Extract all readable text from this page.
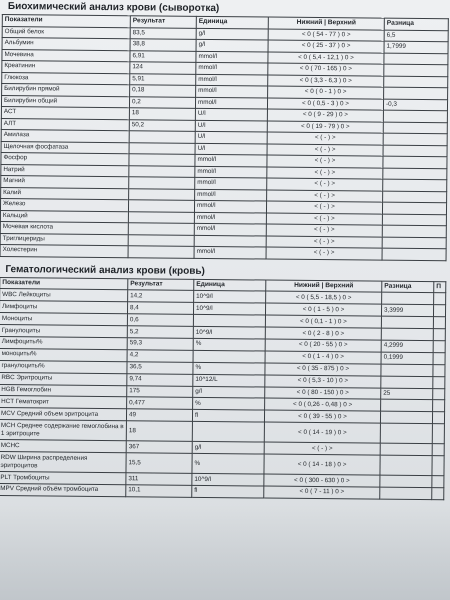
Биохимический анализ крови (сыворотка)
Показатели	Результат	Единица	Нижний | Верхний	Разница
Общий белок	83,5	g/l	< 0 ( 54 - 77 ) 0 >	6,5
Альбумин	38,8	g/l	< 0 ( 25 - 37 ) 0 >	1,7999
Мочевина	6,91	mmol/l	< 0 ( 5,4 - 12,1 ) 0 >	
Креатинин	124	mmol/l	< 0 ( 70 - 165 ) 0 >	
Глюкоза	5,91	mmol/l	< 0 ( 3,3 - 6,3 ) 0 >	
Билирубин прямой	0,18	mmol/l	< 0 ( 0 - 1 ) 0 >	
Билирубин общий	0,2	mmol/l	< 0 ( 0,5 - 3 ) 0 >	-0,3
АСТ	18	U/l	< 0 ( 9 - 29 ) 0 >	
АЛТ	50,2	U/l	< 0 ( 19 - 79 ) 0 >	
Амилаза		U/l	< ( - ) >	
Щелочная фосфатаза		U/l	< ( - ) >	
Фосфор		mmol/l	< ( - ) >	
Натрий		mmol/l	< ( - ) >	
Магний		mmol/l	< ( - ) >	
Калий		mmol/l	< ( - ) >	
Железо		mmol/l	< ( - ) >	
Кальций		mmol/l	< ( - ) >	
Мочевая кислота		mmol/l	< ( - ) >	
Триглицериды			< ( - ) >	
Холестерин		mmol/l	< ( - ) >	
Гематологический анализ крови (кровь)
Показатели	Результат	Единица	Нижний | Верхний	Разница	П
WBC Лейкоциты	14,2	10^9/l	< 0 ( 5,5 - 18,5 ) 0 >		
Лимфоциты	8,4	10^9/l	< 0 ( 1 - 5 ) 0 >	3,3999	
Моноциты	0,6		< 0 ( 0,1 - 1 ) 0 >		
Гранулоциты	5,2	10^9/l	< 0 ( 2 - 8 ) 0 >		
Лимфоциты%	59,3	%	< 0 ( 20 - 55 ) 0 >	4,2999	
моноциты%	4,2		< 0 ( 1 - 4 ) 0 >	0,1999	
гранулоциты%	36,5	%	< 0 ( 35 - 875 ) 0 >		
RBC Эритроциты	9,74	10^12/L	< 0 ( 5,3 - 10 ) 0 >		
HGB Гемоглобин	175	g/l	< 0 ( 80 - 150 ) 0 >	25	
HCT Гематокрит	0,477	%	< 0 ( 0,26 - 0,48 ) 0 >		
MCV Средний объем эритроцита	49	fl	< 0 ( 39 - 55 ) 0 >		
MCH Среднее содержание гемоглобина в 1 эритроците	18		< 0 ( 14 - 19 ) 0 >		
MCHC	367	g/l	< ( - ) >		
RDW Ширина распределения эритроцитов	15,5	%	< 0 ( 14 - 18 ) 0 >		
PLT Тромбоциты	311	10^9/l	< 0 ( 300 - 630 ) 0 >		
MPV Средний объём тромбоцита	10,1	fl	< 0 ( 7 - 11 ) 0 >		
